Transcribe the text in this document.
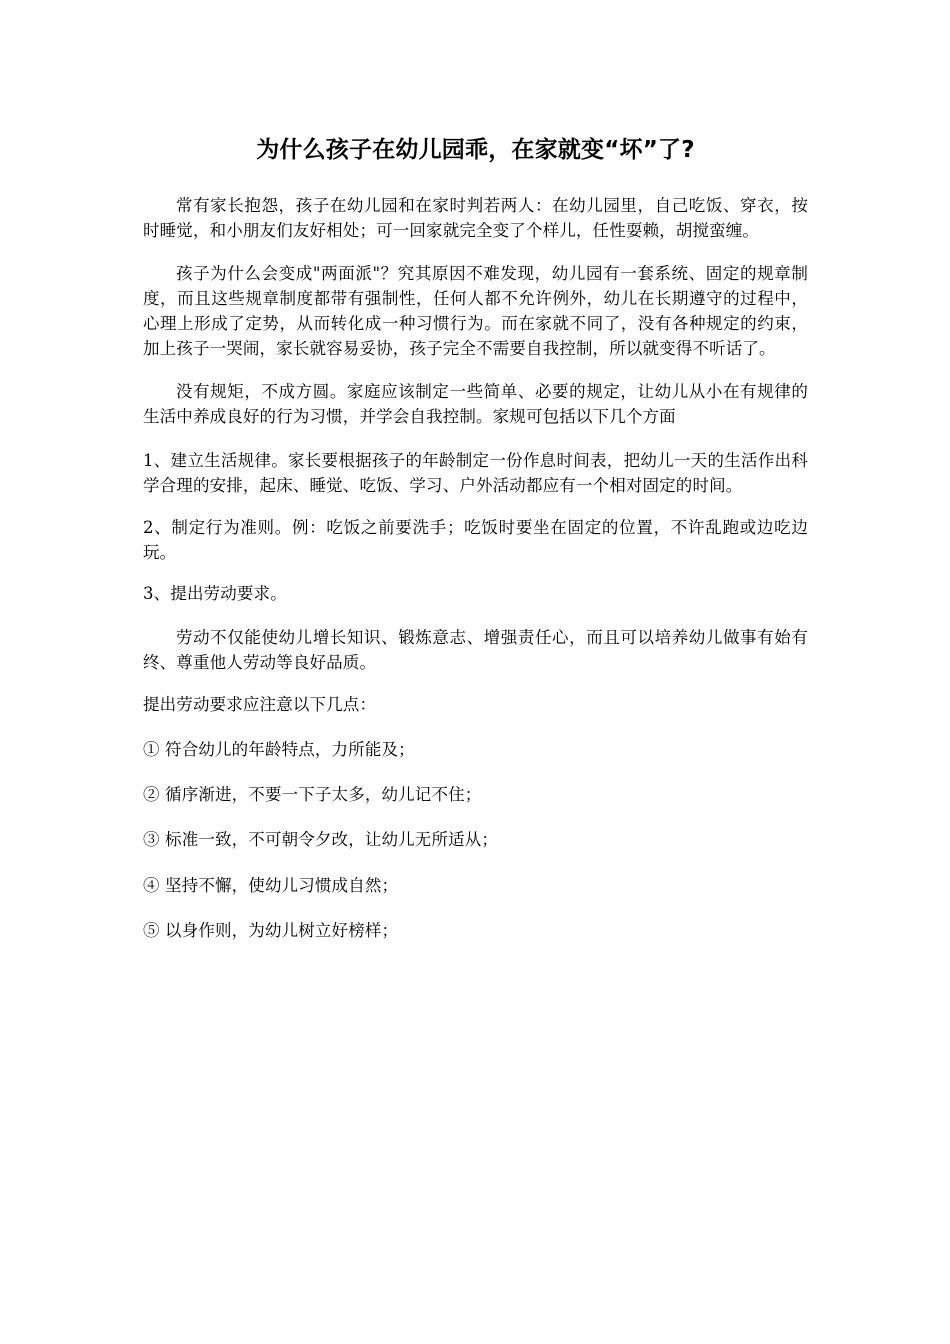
为什么孩子在幼儿园乖，在家就变“坏”了?

常有家长抱怨，孩子在幼儿园和在家时判若两人：在幼儿园里，自己吃饭、穿衣，按时睡觉，和小朋友们友好相处；可一回家就完全变了个样儿，任性耍赖，胡搅蛮缠。

孩子为什么会变成"两面派"？究其原因不难发现，幼儿园有一套系统、固定的规章制度，而且这些规章制度都带有强制性，任何人都不允许例外，幼儿在长期遵守的过程中，心理上形成了定势，从而转化成一种习惯行为。而在家就不同了，没有各种规定的约束，加上孩子一哭闹，家长就容易妥协，孩子完全不需要自我控制，所以就变得不听话了。

没有规矩，不成方圆。家庭应该制定一些简单、必要的规定，让幼儿从小在有规律的生活中养成良好的行为习惯，并学会自我控制。家规可包括以下几个方面

1、建立生活规律。家长要根据孩子的年龄制定一份作息时间表，把幼儿一天的生活作出科学合理的安排，起床、睡觉、吃饭、学习、户外活动都应有一个相对固定的时间。

2、制定行为准则。例：吃饭之前要洗手；吃饭时要坐在固定的位置，不许乱跑或边吃边玩。

3、提出劳动要求。

劳动不仅能使幼儿增长知识、锻炼意志、增强责任心，而且可以培养幼儿做事有始有终、尊重他人劳动等良好品质。

提出劳动要求应注意以下几点：

① 符合幼儿的年龄特点，力所能及；

② 循序渐进，不要一下子太多，幼儿记不住；

③ 标准一致，不可朝令夕改，让幼儿无所适从；

④ 坚持不懈，使幼儿习惯成自然；

⑤ 以身作则，为幼儿树立好榜样；
